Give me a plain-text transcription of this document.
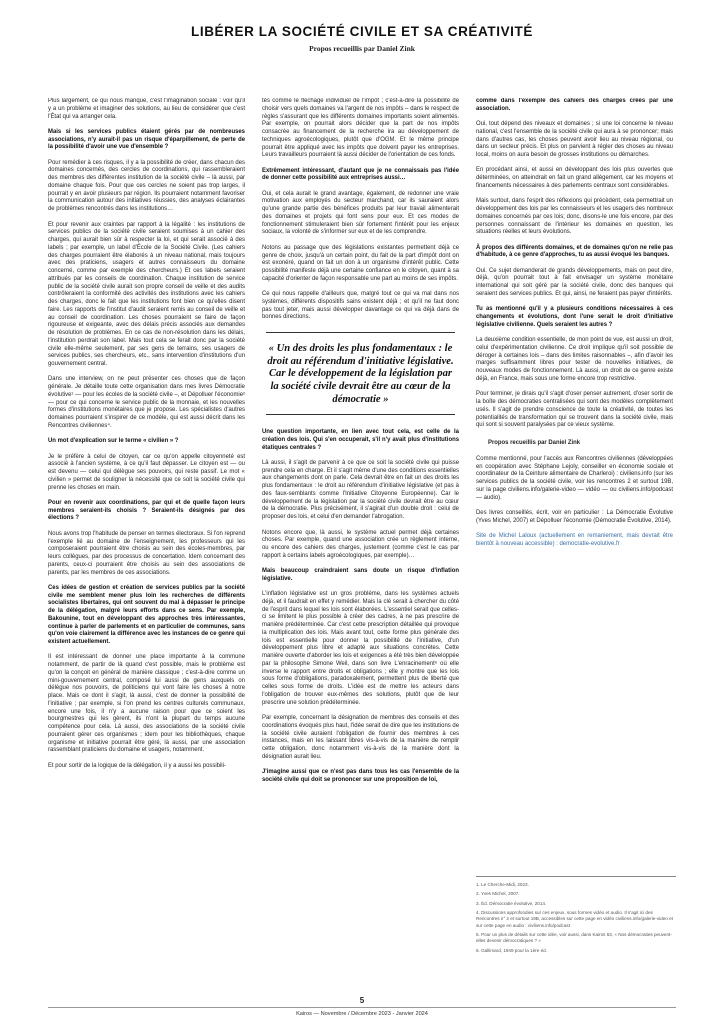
LIBÉRER LA SOCIÉTÉ CIVILE ET SA CRÉATIVITÉ
Propos recueillis par Daniel Zink

Plus largement, ce qui nous manque, c'est l'imagination sociale : voir qu'il y a un problème et imaginer des solutions, au lieu de considérer que c'est l'État qui va arranger cela.

Mais si les services publics étaient gérés par de nombreuses associations, n'y aurait-il pas un risque d'éparpillement, de perte de la possibilité d'avoir une vue d'ensemble ?

Pour remédier à ces risques, il y a la possibilité de créer, dans chacun des domaines concernés, des cercles de coordinations, qui rassembleraient des membres des différentes institution de la société civile – là aussi, par domaine chaque fois. Pour que ces cercles ne soient pas trop larges, il pourrait y en avoir plusieurs par région. Ils pourraient notamment favoriser la communication autour des initiatives réussies, des analyses éclairantes de problèmes rencontrés dans les institutions…

Et pour revenir aux craintes par rapport à la légalité : les institutions de services publics de la société civile seraient soumises à un cahier des charges, qui aurait bien sûr à respecter la loi, et qui serait associé à des labels ; par exemple, un label d'École de la Société Civile. (Les cahiers des charges pourraient être élaborés à un niveau national, mais toujours avec des praticiens, usagers et autres connaisseurs du domaine concerné, comme par exemple des chercheurs.) Et ces labels seraient attribués par les conseils de coordination. Chaque institution de service public de la société civile aurait son propre conseil de veille et des audits contrôleraient la conformité des activités des institutions avec les cahiers des charges, donc le fait que les institutions font bien ce qu'elles disent faire. Les rapports de l'institut d'audit seraient remis au conseil de veille et au conseil de coordination. Les choses pourraient se faire de façon rigoureuse et exigeante, avec des délais précis associés aux demandes de résolution de problèmes. En ce cas de non-résolution dans les délais, l'institution perdrait son label. Mais tout cela se ferait donc par la société civile elle-même seulement, par ses gens de terrains, ses usagers de services publics, ses chercheurs, etc., sans intervention d'institutions d'un gouvernement central.

Dans une interview, on ne peut présenter ces choses que de façon générale. Je détaille toute cette organisation dans mes livres Démocratie évolutive¹ — pour les écoles de la société civile –, et Dépolluer l'économie² — pour ce qui concerne le service public de la monnaie, et les nouvelles formes d'institutions monétaires que je propose. Les spécialistes d'autres domaines pourraient s'inspirer de ce modèle, qui est aussi décrit dans les Rencontres civiliennes⁴.

Un mot d'explication sur le terme « civilien » ?

Je le préfère à celui de citoyen, car ce qu'on appelle citoyenneté est associé à l'ancien système, à ce qu'il faut dépasser. Le citoyen est — ou est devenu — celui qui délègue ses pouvoirs, qui reste passif. Le mot « civilien » permet de souligner la nécessité que ce soit la société civile qui prenne les choses en main.

Pour en revenir aux coordinations, par qui et de quelle façon leurs membres seraient-ils choisis ? Seraient-ils désignés par des élections ?

Nous avons trop l'habitude de penser en termes électoraux. Si l'on reprend l'exemple lié au domaine de l'enseignement, les professeurs qui les composeraient pourraient être choisis au sein des écoles-membres, par leurs collègues, par des processus de concertation. Idem concernant des parents, ceux-ci pourraient être choisis au sein des associations de parents, par les membres de ces associations.

Ces idées de gestion et création de services publics par la société civile me semblent mener plus loin les recherches de différents socialistes libertaires, qui ont souvent du mal à dépasser le principe de la délégation, malgré leurs efforts dans ce sens. Par exemple, Bakounine, tout en développant des approches très intéressantes, continue à parler de parlements et en particulier de communes, sans qu'on voie clairement la différence avec les instances de ce genre qui existent actuellement.

Il est intéressant de donner une place importante à la commune notamment, de partir de là quand c'est possible, mais le problème est qu'on la conçoit en général de manière classique ; c'est-à-dire comme un mini-gouvernement central, composé lui aussi de gens auxquels on délègue nos pouvoirs, de politiciens qui vont faire les choses à notre place. Mais ce dont il s'agit, là aussi, c'est de donner la possibilité de l'initiative ; par exemple, si l'on prend les centres culturels communaux, encore une fois, il n'y a aucune raison pour que ce soient les bourgmestres qui les gèrent, ils n'ont la plupart du temps aucune compétence pour cela. Là aussi, des associations de la société civile pourraient gérer ces organismes ; idem pour les bibliothèques, chaque organisme et initiative pourrait être géré, là aussi, par une association rassemblant praticiens du domaine et usagers, notamment.

Et pour sortir de la logique de la délégation, il y a aussi les possibili-

tés comme le fléchage individuel de l'impôt ; c'est-à-dire la possibilité de choisir vers quels domaines va l'argent de nos impôts – dans le respect de règles s'assurant que les différents domaines importants soient alimentés. Par exemple, on pourrait alors décider que la part de nos impôts consacrée au financement de la recherche ira au développement de techniques agroécologiques, plutôt que d'OGM. Et le même principe pourrait être appliqué avec les impôts que doivent payer les entreprises. Leurs travailleurs pourraient là aussi décider de l'orientation de ces fonds.

Extrêmement intéressant, d'autant que je ne connaissais pas l'idée de donner cette possibilité aux entreprises aussi…

Oui, et cela aurait le grand avantage, également, de redonner une vraie motivation aux employés du secteur marchand, car ils sauraient alors qu'une grande partie des bénéfices produits par leur travail alimenterait des domaines et projets qui font sens pour eux. Et ces modes de fonctionnement stimuleraient bien sûr fortement l'intérêt pour les enjeux sociaux, la volonté de s'informer sur eux et de les comprendre.

Notons au passage que des législations existantes permettent déjà ce genre de choix, jusqu'à un certain point, du fait de la part d'impôt dont on est exonéré, quand on fait un don à un organisme d'intérêt public. Cette possibilité manifeste déjà une certaine confiance en le citoyen, quant à sa capacité d'orienter de façon responsable une part au moins de ses impôts.

Ce qui nous rappelle d'ailleurs que, malgré tout ce qui va mal dans nos systèmes, différents dispositifs sains existent déjà ; et qu'il ne faut donc pas tout jeter, mais aussi développer davantage ce qui va déjà dans de bonnes directions.

« Un des droits les plus fondamentaux : le droit au référendum d'initiative législative. Car le développement de la législation par la société civile devrait être au cœur de la démocratie »

Une question importante, en lien avec tout cela, est celle de la création des lois. Qui s'en occuperait, s'il n'y avait plus d'institutions étatiques centrales ?

Là aussi, il s'agit de parvenir à ce que ce soit la société civile qui puisse prendre cela en charge. Et il s'agit même d'une des conditions essentielles aux changements dont on parle. Cela devrait être en fait un des droits les plus fondamentaux : le droit au référendum d'initiative législative (et pas à des faux-semblants comme l'Initiative Citoyenne Européenne). Car le développement de la législation par la société civile devrait être au cœur de la démocratie. Plus précisément, il s'agirait d'un double droit : celui de proposer des lois, et celui d'en demander l'abrogation.

Notons encore que, là aussi, le système actuel permet déjà certaines choses. Par exemple, quand une association crée un règlement interne, ou encore des cahiers des charges, justement (comme c'est le cas par rapport à certains labels agroécologiques, par exemple)…

Mais beaucoup craindraient sans doute un risque d'inflation législative.

L'inflation législative est un gros problème, dans les systèmes actuels déjà, et il faudrait en effet y remédier. Mais la clé serait à chercher du côté de l'esprit dans lequel les lois sont élaborées. L'essentiel serait que celles-ci se limitent le plus possible à créer des cadres, à ne pas prescrire de manière prédéterminée. Car c'est cette prescription détaillée qui provoque la multiplication des lois. Mais avant tout, cette forme plus générale des lois est essentielle pour donner la possibilité de l'initiative, d'un développement plus libre et adapté aux situations concrètes. Cette manière ouverte d'aborder les lois et exigences a été très bien développée par la philosophe Simone Weil, dans son livre L'enracinement⁶ où elle inverse le rapport entre droits et obligations ; elle y montre que les lois sous forme d'obligations, paradoxalement, permettent plus de liberté que celles sous forme de droits. L'idée est de mettre les acteurs dans l'obligation de trouver eux-mêmes des solutions, plutôt que de leur prescrire une solution prédéterminée.

Par exemple, concernant la désignation de membres des conseils et des coordinations évoqués plus haut, l'idée serait de dire que les institutions de la société civile auraient l'obligation de fournir des membres à ces instances, mais en les laissant libres vis-à-vis de la manière de remplir cette obligation, donc notamment vis-à-vis de la manière dont la désignation aurait lieu.

J'imagine aussi que ce n'est pas dans tous les cas l'ensemble de la société civile qui doit se prononcer sur une proposition de loi,

comme dans l'exemple des cahiers des charges créés par une association.

Oui, tout dépend des niveaux et domaines ; si une loi concerne le niveau national, c'est l'ensemble de la société civile qui aura à se prononcer; mais dans d'autres cas, les choses peuvent avoir lieu au niveau régional, ou dans un secteur précis. Et plus on parvient à régler des choses au niveau local, moins on aura besoin de grosses institutions ou démarches.

En procédant ainsi, et aussi en développant des lois plus ouvertes que déterminées, on atteindrait en fait un grand allègement, car les moyens et financements nécessaires à des parlements centraux sont considérables.

Mais surtout, dans l'esprit des réflexions qui précèdent, cela permettrait un développement des lois par les connaisseurs et les usagers des nombreux domaines concernés par ces lois; donc, disons-le une fois encore, par des personnes connaissant de l'intérieur les domaines en question, les situations réelles et leurs évolutions.

À propos des différents domaines, et de domaines qu'on ne relie pas d'habitude, à ce genre d'approches, tu as aussi évoqué les banques.

Oui. Ce sujet demanderait de grands développements, mais on peut dire, déjà, qu'on pourrait tout à fait envisager un système monétaire international qui soit géré par la société civile, donc des banques qui seraient des services publics. Et qui, ainsi, ne feraient pas payer d'intérêts.

Tu as mentionné qu'il y a plusieurs conditions nécessaires à ces changements et évolutions, dont l'une serait le droit d'initiative législative civilienne. Quels seraient les autres ?

La deuxième condition essentielle, de mon point de vue, est aussi un droit, celui d'expérimentation civilienne. Ce droit implique qu'il soit possible de déroger à certaines lois – dans des limites raisonnables –, afin d'avoir les marges suffisamment libres pour tester de nouvelles initiatives, de nouveaux modes de fonctionnement. Là aussi, un droit de ce genre existe déjà, en France, mais sous une forme encore trop restrictive.

Pour terminer, je dirais qu'il s'agit d'oser penser autrement, d'oser sortir de la boîte des démocraties centralisées qui sont des modèles complètement usés. Il s'agit de prendre conscience de toute la créativité, de toutes les potentialités de transformation qui se trouvent dans la société civile, mais qui sont si souvent paralysées par ce vieux système.

Propos recueillis par Daniel Zink

Comme mentionné, pour l'accès aux Rencontres civiliennes (développées en coopération avec Stéphane Lejoly, conseiller en économie sociale et coordinateur de la Ceinture alimentaire de Charleroi) : civiliens.info (sur les services publics de la société civile, voir les rencontres 2 et surtout 19B, sur la page civiliens.info/galerie-video — vidéo — ou civiliens.info/podcast — audio).

Des livres conseillés, écrit, voir en particulier : La Démocratie Évolutive (Yves Michel, 2007) et Dépolluer l'économie (Démocratie Évolutive, 2014).

Site de Michel Laloux (actuellement en remaniement, mais devrait être bientôt à nouveau accessible) : democratie-evolutive.fr

1. Le Cherche-Midi, 2023.
2. Yves Michel, 2007.
3. Éd. Démocratie évolutive, 2014.
4. Discussions approfondies sur ces enjeux, sous formes vidéo et audio. Il s'agit ici des Rencontres n° 2 et surtout 19B, accessibles sur cette page en vidéo civiliens.info/galerie-video et sur cette page en audio : civiliens.info/podcast
5. Pour un plus de détails sur cette idée, voir aussi, dans Kairos 53, « Nos démocraties peuvent-elles devenir démocratiques ? »
6. Gallimard, 1949 pour la 1ère éd.
5
Kairos — Novembre / Décembre 2023 - Janvier 2024
